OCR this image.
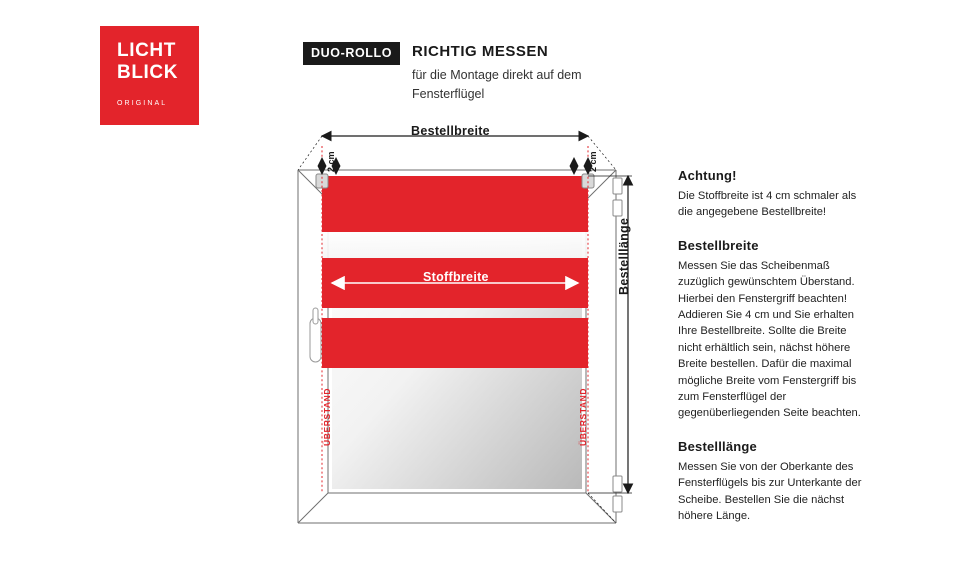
LICHT
BLICK
ORIGINAL
DUO-ROLLO	RICHTIG MESSEN
für die Montage direkt auf dem Fensterflügel
Bestellbreite
Bestelllänge
Stoffbreite
2 cm	2 cm
ÜBERSTAND	ÜBERSTAND
Achtung!

Die Stoffbreite ist 4 cm schmaler als die angegebene Bestellbreite!

Bestellbreite

Messen Sie das Scheibenmaß zuzüglich gewünschtem Überstand. Hierbei den Fenstergriff beachten! Addieren Sie 4 cm und Sie erhalten Ihre Bestellbreite. Sollte die Breite nicht erhältlich sein, nächst höhere Breite bestellen. Dafür die maximal mögliche Breite vom Fenstergriff bis zum Fensterflügel der gegenüberliegenden Seite beachten.

Bestelllänge

Messen Sie von der Oberkante des Fensterflügels bis zur Unterkante der Scheibe. Bestellen Sie die nächst höhere Länge.
